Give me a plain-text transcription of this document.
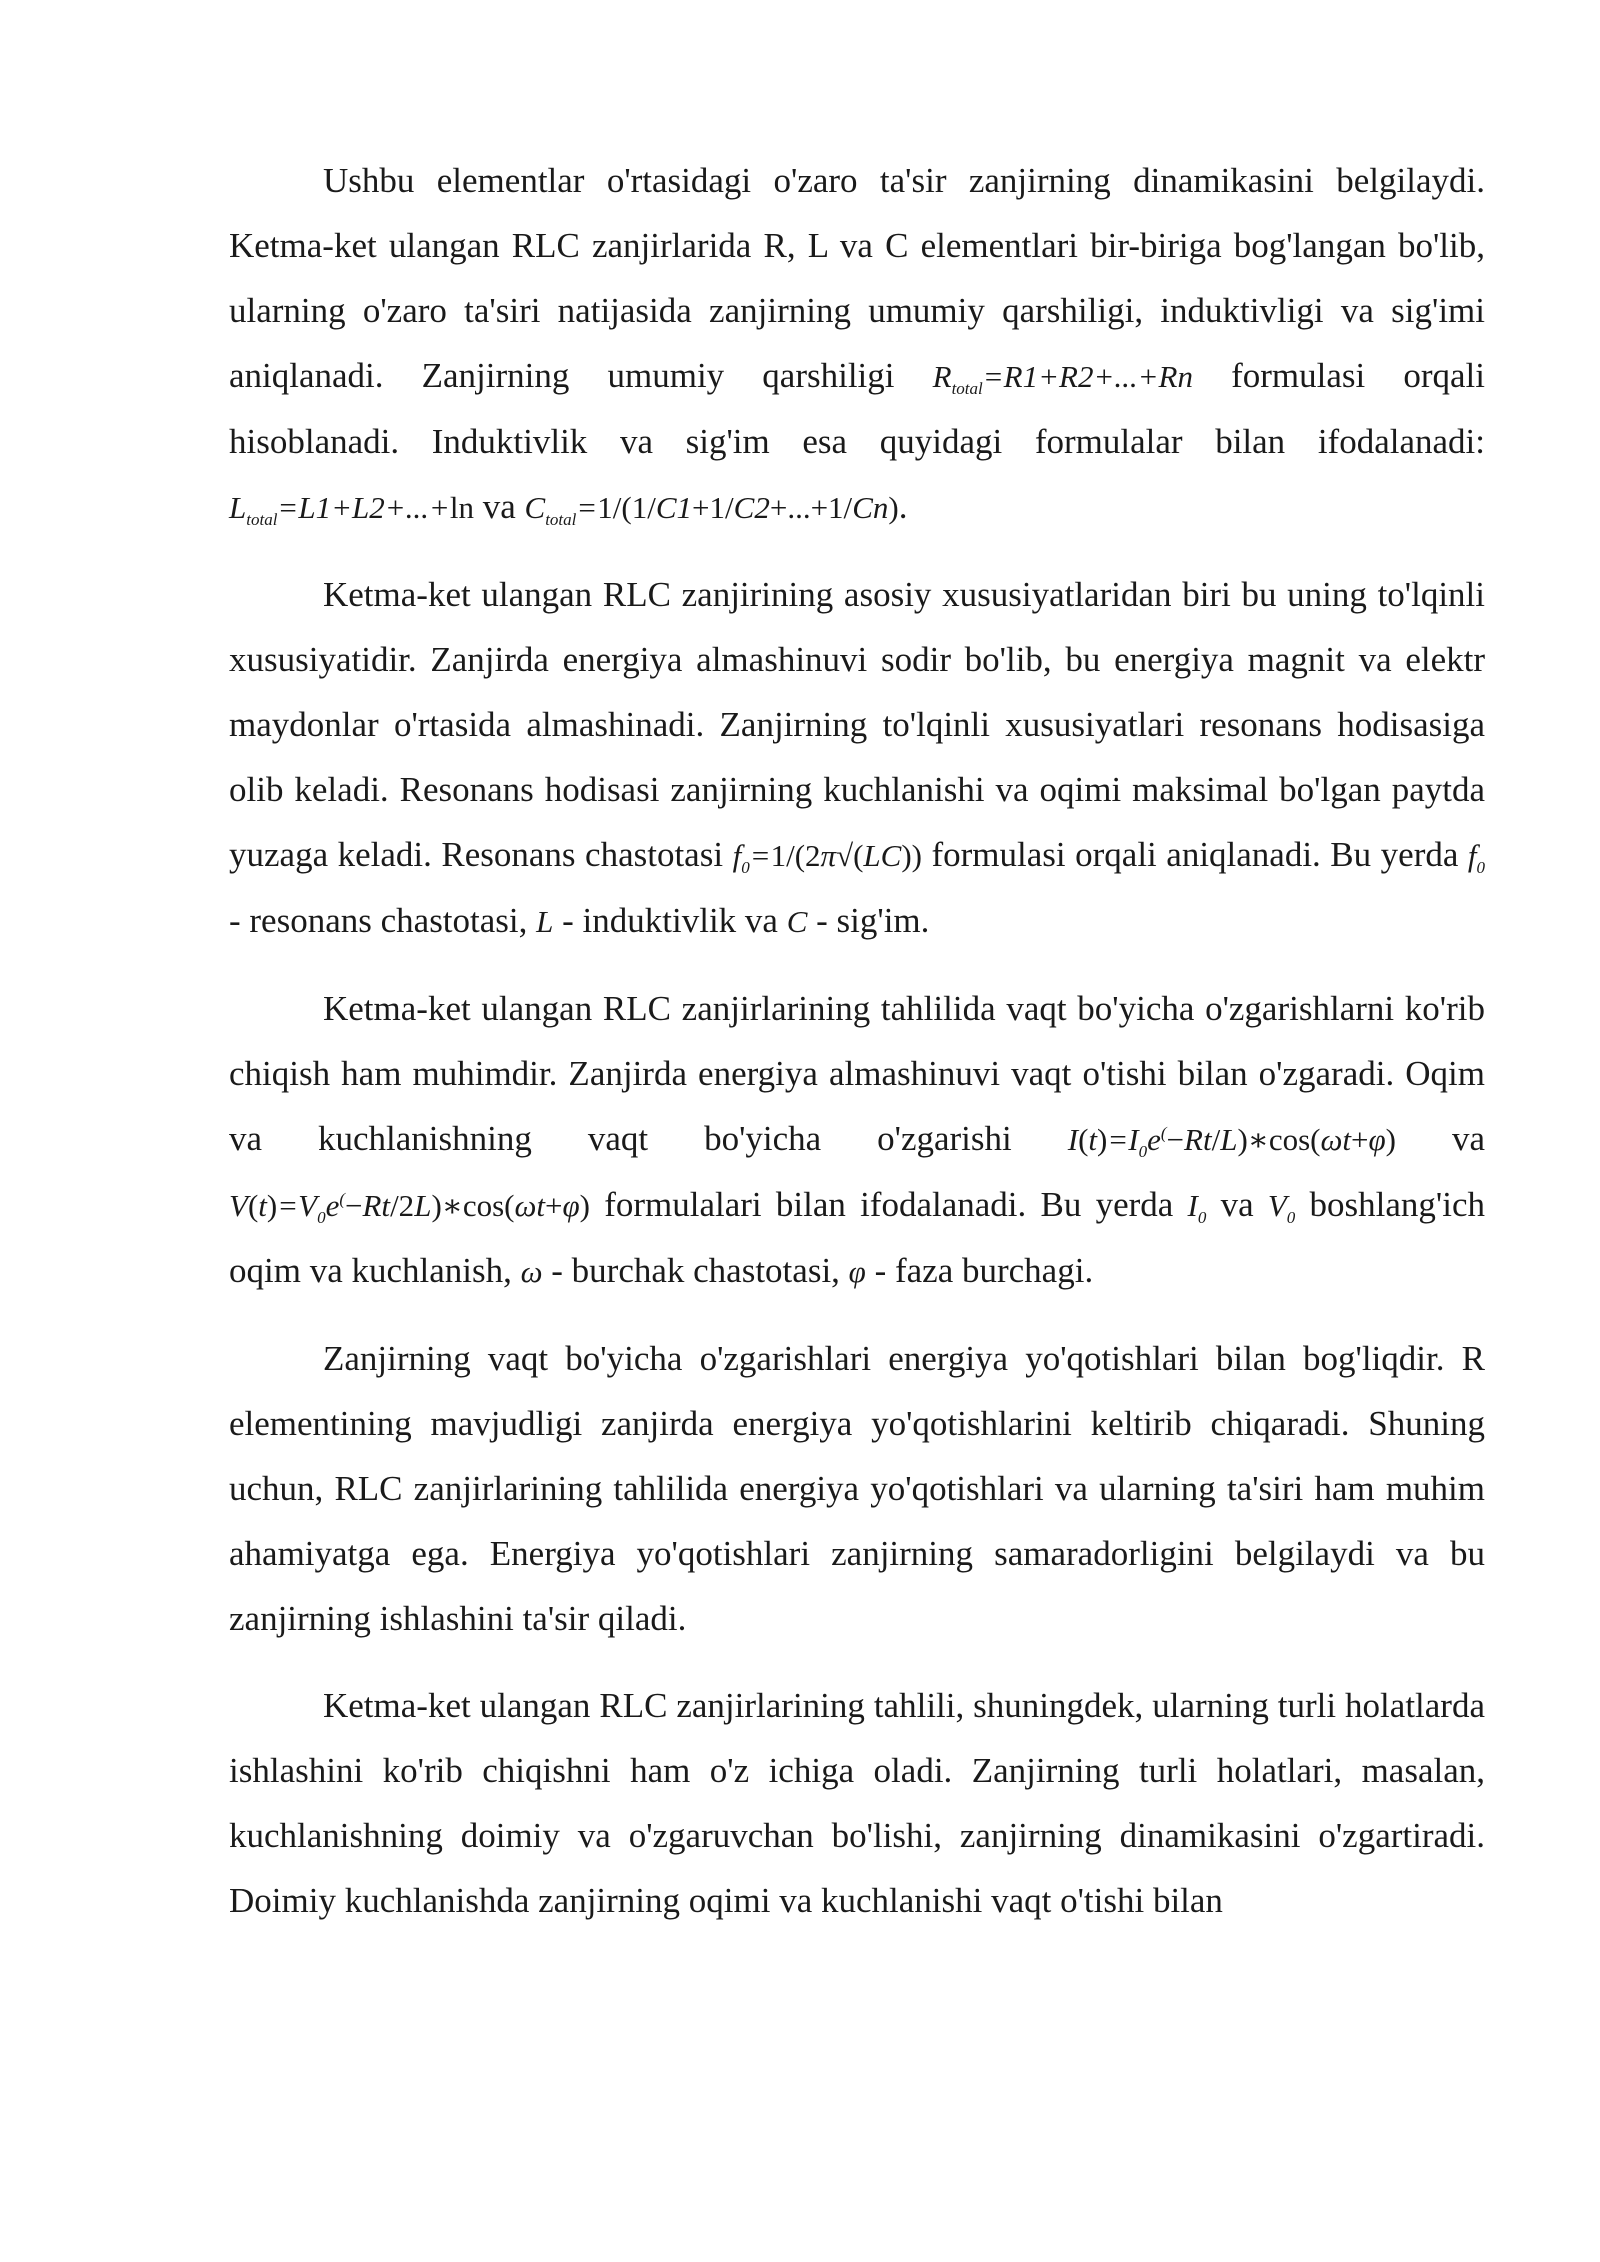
Ushbu elementlar o'rtasidagi o'zaro ta'sir zanjirning dinamikasini belgilaydi. Ketma-ket ulangan RLC zanjirlarida R, L va C elementlari bir-biriga bog'langan bo'lib, ularning o'zaro ta'siri natijasida zanjirning umumiy qarshiligi, induktivligi va sig'imi aniqlanadi. Zanjirning umumiy qarshiligi $R_{total}=R1+R2+...+Rn$ formulasi orqali hisoblanadi. Induktivlik va sig'im esa quyidagi formulalar bilan ifodalanadi: $L_{total}=L1+L2+...+\ln$ va $C_{total}=1/(1/C1+1/C2+...+1/Cn)$.

Ketma-ket ulangan RLC zanjirining asosiy xususiyatlaridan biri bu uning to'lqinli xususiyatidir. Zanjirda energiya almashinuvi sodir bo'lib, bu energiya magnit va elektr maydonlar o'rtasida almashinadi. Zanjirning to'lqinli xususiyatlari resonans hodisasiga olib keladi. Resonans hodisasi zanjirning kuchlanishi va oqimi maksimal bo'lgan paytda yuzaga keladi. Resonans chastotasi $f_0=1/(2\pi√(LC))$ formulasi orqali aniqlanadi. Bu yerda $f_0$ - resonans chastotasi, L - induktivlik va C - sig'im.

Ketma-ket ulangan RLC zanjirlarining tahlilida vaqt bo'yicha o'zgarishlarni ko'rib chiqish ham muhimdir. Zanjirda energiya almashinuvi vaqt o'tishi bilan o'zgaradi. Oqim va kuchlanishning vaqt bo'yicha o'zgarishi $I(t)=I_0e^(-Rt/L)∗\cos(\omega t+\varphi)$ va $V(t)=V_0e^(-Rt/2L)∗\cos(\omega t+\varphi)$ formulalari bilan ifodalanadi. Bu yerda $I_0$ va $V_0$ boshlang'ich oqim va kuchlanish, ω - burchak chastotasi, φ - faza burchagi.

Zanjirning vaqt bo'yicha o'zgarishlari energiya yo'qotishlari bilan bog'liqdir. R elementining mavjudligi zanjirda energiya yo'qotishlarini keltirib chiqaradi. Shuning uchun, RLC zanjirlarining tahlilida energiya yo'qotishlari va ularning ta'siri ham muhim ahamiyatga ega. Energiya yo'qotishlari zanjirning samaradorligini belgilaydi va bu zanjirning ishlashini ta'sir qiladi.

Ketma-ket ulangan RLC zanjirlarining tahlili, shuningdek, ularning turli holatlarda ishlashini ko'rib chiqishni ham o'z ichiga oladi. Zanjirning turli holatlari, masalan, kuchlanishning doimiy va o'zgaruvchan bo'lishi, zanjirning dinamikasini o'zgartiradi. Doimiy kuchlanishda zanjirning oqimi va kuchlanishi vaqt o'tishi bilan
